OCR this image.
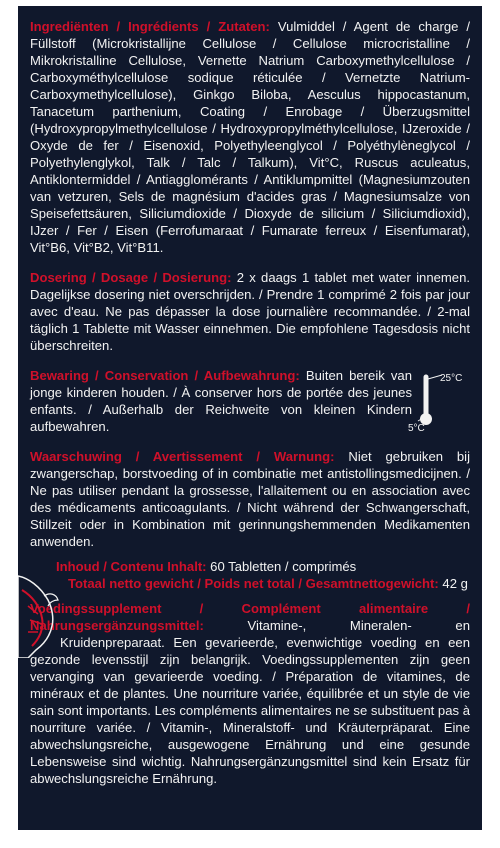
Ingrediënten / Ingrédients / Zutaten: Vulmiddel / Agent de charge / Füllstoff (Microkristallijne Cellulose / Cellulose microcristalline / Mikrokristalline Cellulose, Vernette Natrium Carboxymethylcellulose / Carboxyméthylcellulose sodique réticulée / Vernetzte Natrium-Carboxymethylcellulose), Ginkgo Biloba, Aesculus hippocastanum, Tanacetum parthenium, Coating / Enrobage / Überzugsmittel (Hydroxypropylmethylcellulose / Hydroxypropylméthylcellulose, IJzeroxide / Oxyde de fer / Eisenoxid, Polyethyleenglycol / Polyéthylèneglycol / Polyethylenglykol, Talk / Talc / Talkum), Vit°C, Ruscus aculeatus, Antiklontermiddel / Antiagglomérants / Antiklumpmittel (Magnesiumzouten van vetzuren, Sels de magnésium d'acides gras / Magnesiumsalze von Speisefettsäuren, Siliciumdioxide / Dioxyde de silicium / Siliciumdioxid), IJzer / Fer / Eisen (Ferrofumaraat / Fumarate ferreux / Eisenfumarat), Vit°B6, Vit°B2, Vit°B11.

Dosering / Dosage / Dosierung: 2 x daags 1 tablet met water innemen. Dagelijkse dosering niet overschrijden. / Prendre 1 comprimé 2 fois par jour avec d'eau. Ne pas dépasser la dose journalière recommandée. / 2-mal täglich 1 Tablette mit Wasser einnehmen. Die empfohlene Tagesdosis nicht überschreiten.

Bewaring / Conservation / Aufbewahrung: Buiten bereik van jonge kinderen houden. / À conserver hors de portée des jeunes enfants. / Außerhalb der Reichweite von kleinen Kindern aufbewahren.

25°C
5°C

Waarschuwing / Avertissement / Warnung: Niet gebruiken bij zwangerschap, borstvoeding of in combinatie met antistollingsmedicijnen. / Ne pas utiliser pendant la grossesse, l'allaitement ou en association avec des médicaments anticoagulants. / Nicht während der Schwangerschaft, Stillzeit oder in Kombination mit gerinnungshemmenden Medikamenten anwenden.

Inhoud / Contenu Inhalt: 60 Tabletten / comprimés

Totaal netto gewicht / Poids net total / Gesamtnettogewicht: 42 g

Voedingssupplement / Complément alimentaire /

Nahrungsergänzungsmittel: Vitamine-, Mineralen- en

Kruidenpreparaat. Een gevarieerde, evenwichtige voeding en een gezonde levensstijl zijn belangrijk. Voedingssupplementen zijn geen vervanging van gevarieerde voeding. / Préparation de vitamines, de minéraux et de plantes. Une nourriture variée, équilibrée et un style de vie sain sont importants. Les compléments alimentaires ne se substituent pas à nourriture variée. / Vitamin-, Mineralstoff- und Kräuterpräparat. Eine abwechslungsreiche, ausgewogene Ernährung und eine gesunde Lebensweise sind wichtig. Nahrungsergänzungsmittel sind kein Ersatz für abwechslungsreiche Ernährung.
